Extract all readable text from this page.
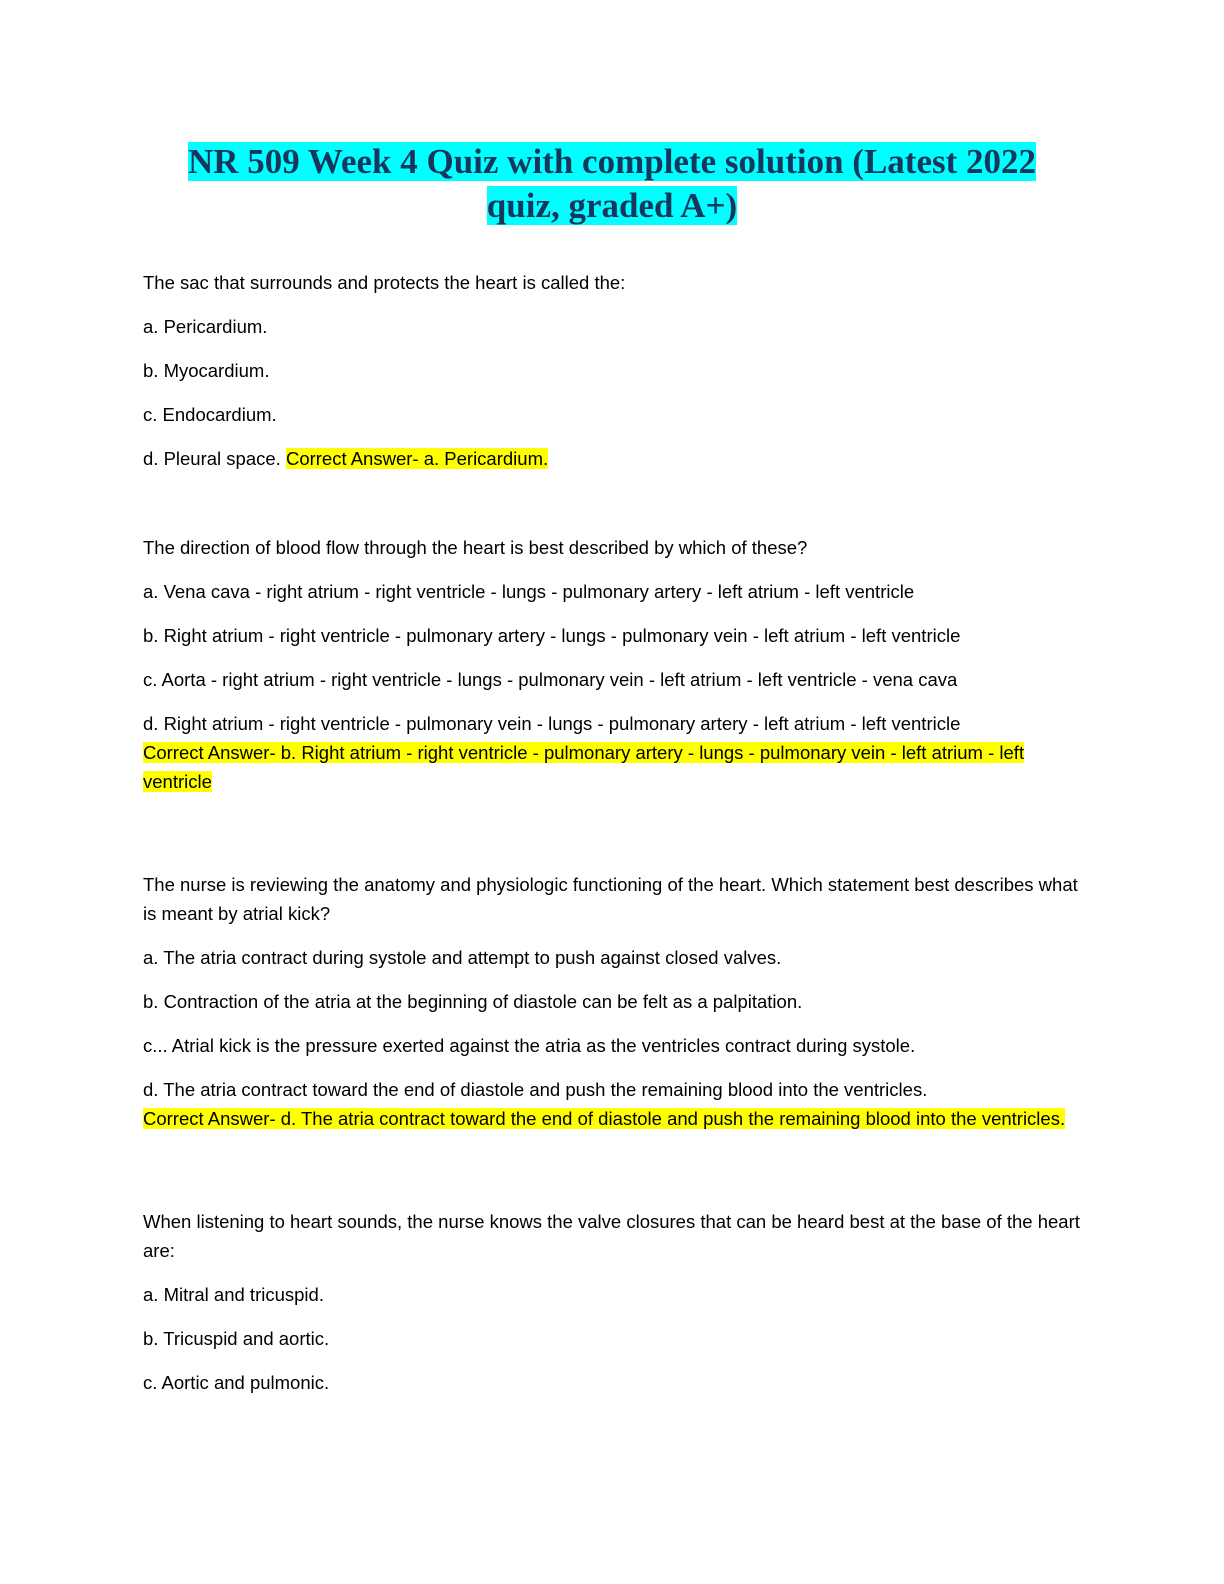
NR 509 Week 4 Quiz with complete solution (Latest 2022
quiz, graded A+)

The sac that surrounds and protects the heart is called the:

a. Pericardium.

b. Myocardium.

c. Endocardium.

d. Pleural space. Correct Answer- a. Pericardium.

The direction of blood flow through the heart is best described by which of these?

a. Vena cava - right atrium - right ventricle - lungs - pulmonary artery - left atrium - left ventricle

b. Right atrium - right ventricle - pulmonary artery - lungs - pulmonary vein - left atrium - left ventricle

c. Aorta - right atrium - right ventricle - lungs - pulmonary vein - left atrium - left ventricle - vena cava

d. Right atrium - right ventricle - pulmonary vein - lungs - pulmonary artery - left atrium - left ventricle
Correct Answer- b. Right atrium - right ventricle - pulmonary artery - lungs - pulmonary vein - left atrium - left ventricle

The nurse is reviewing the anatomy and physiologic functioning of the heart. Which statement best describes what is meant by atrial kick?

a. The atria contract during systole and attempt to push against closed valves.

b. Contraction of the atria at the beginning of diastole can be felt as a palpitation.

c... Atrial kick is the pressure exerted against the atria as the ventricles contract during systole.

d. The atria contract toward the end of diastole and push the remaining blood into the ventricles.
Correct Answer- d. The atria contract toward the end of diastole and push the remaining blood into the ventricles.

When listening to heart sounds, the nurse knows the valve closures that can be heard best at the base of the heart are:

a. Mitral and tricuspid.

b. Tricuspid and aortic.

c. Aortic and pulmonic.
